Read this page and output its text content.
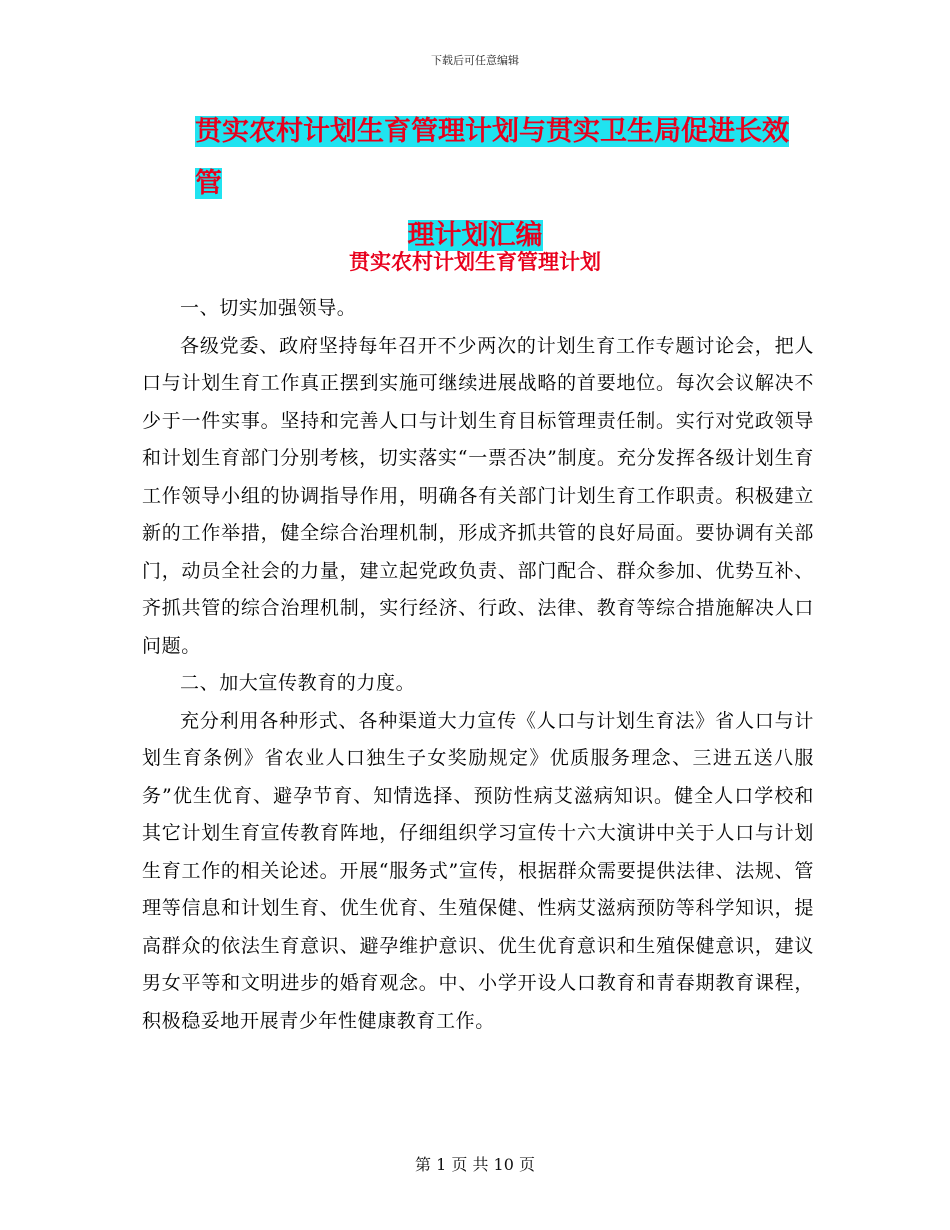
下载后可任意编辑
贯实农村计划生育管理计划与贯实卫生局促进长效管
理计划汇编
贯实农村计划生育管理计划

一、切实加强领导。

各级党委、政府坚持每年召开不少两次的计划生育工作专题讨论会，把人口与计划生育工作真正摆到实施可继续进展战略的首要地位。每次会议解决不少于一件实事。坚持和完善人口与计划生育目标管理责任制。实行对党政领导和计划生育部门分别考核，切实落实“一票否决”制度。充分发挥各级计划生育工作领导小组的协调指导作用，明确各有关部门计划生育工作职责。积极建立新的工作举措，健全综合治理机制，形成齐抓共管的良好局面。要协调有关部门，动员全社会的力量，建立起党政负责、部门配合、群众参加、优势互补、齐抓共管的综合治理机制，实行经济、行政、法律、教育等综合措施解决人口问题。

二、加大宣传教育的力度。

充分利用各种形式、各种渠道大力宣传《人口与计划生育法》省人口与计划生育条例》省农业人口独生子女奖励规定》优质服务理念、三进五送八服务”优生优育、避孕节育、知情选择、预防性病艾滋病知识。健全人口学校和其它计划生育宣传教育阵地，仔细组织学习宣传十六大演讲中关于人口与计划生育工作的相关论述。开展“服务式”宣传，根据群众需要提供法律、法规、管理等信息和计划生育、优生优育、生殖保健、性病艾滋病预防等科学知识，提高群众的依法生育意识、避孕维护意识、优生优育意识和生殖保健意识，建议男女平等和文明进步的婚育观念。中、小学开设人口教育和青春期教育课程，积极稳妥地开展青少年性健康教育工作。

第 1 页 共 10 页
